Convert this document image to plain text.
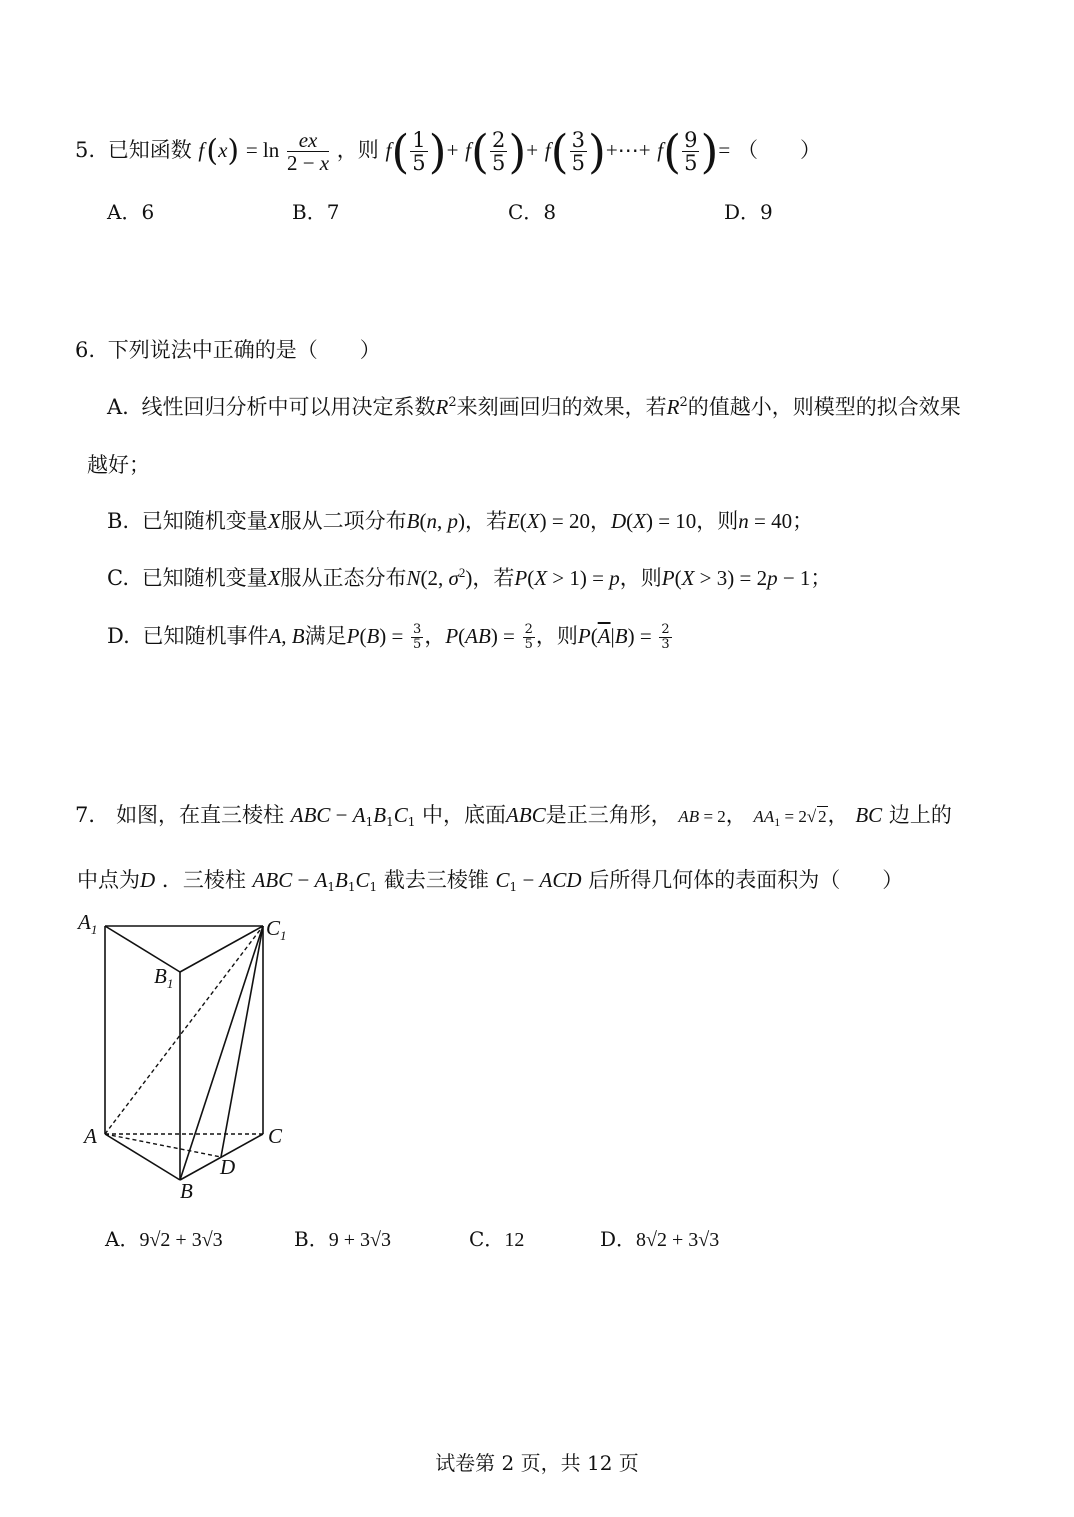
5. 已知函数 f $(x) = \ln \frac{ex}{2 - x}$ ，则 $f( \frac{1}{5}$ )+ $f( \frac{2}{5}$ )+ $f( \frac{3}{5}$ )+⋯+ $f( \frac{9}{5}$ )= （　　）
A．6	B．7	C．8	D．9
6. 下列说法中正确的是（　　）
A. 线性回归分析中可以用决定系数$R^2$来刻画回归的效果，若$R^2$的值越小，则模型的拟合效果
越好；
B. 已知随机变量X服从二项分布B(n, p)，若E(X) = 20，D(X) = 10，则n = 40；
C. 已知随机变量X服从正态分布N(2, $\sigma^2$)，若P(X > 1) = p，则P(X > 3) = 2p − 1；
D. 已知随机事件A, B满足$P(B) = \frac{3}{5}$ ，$P(AB) = \frac{2}{5}$ ，则$P(\overline{A}|B) = \frac{2}{3}$
7． 如图，在直三棱柱 ABC − $A_1B_1C_1$ 中，底面ABC是正三角形， AB = 2， $AA_1 = 2√$ 2， BC 边上的
中点为D ．三棱柱 ABC − $A_1B_1C_1$ 截去三棱锥 $C_1$ − ACD 后所得几何体的表面积为（　　）
$A_1$	$C_1$
$B_1$
A	C
D
B
A．9√2 + 3√3	B．9 + 3√3	C．12	D．8√2 + 3√3
试卷第 2 页，共 12 页
